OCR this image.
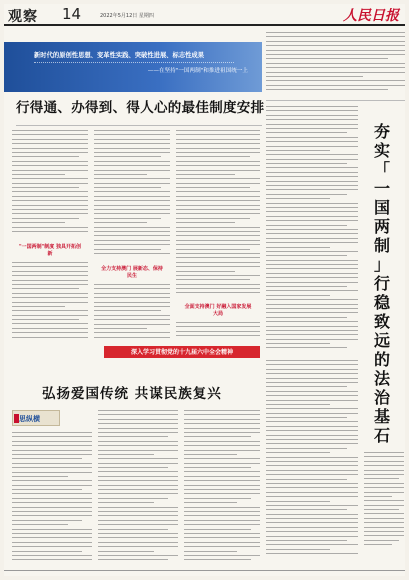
观察 14	2022年5月12日 星期四	人民日报
新时代的原创性思想、变革性实践、突破性进展、标志性成果
——在坚持"一国两制"和推进祖国统一上
行得通、办得到、得人心的最佳制度安排
"一国两制"制度 独具开拓创新
全力支持澳门 展新态、保持民生
全面支持澳门 好融入国家发展大局
夯
实
「
一
国
两
制
」
行
稳
致
远
的
法
治
基
石
深入学习贯彻党的十九届六中全会精神
弘扬爱国传统 共谋民族复兴
思纵横
